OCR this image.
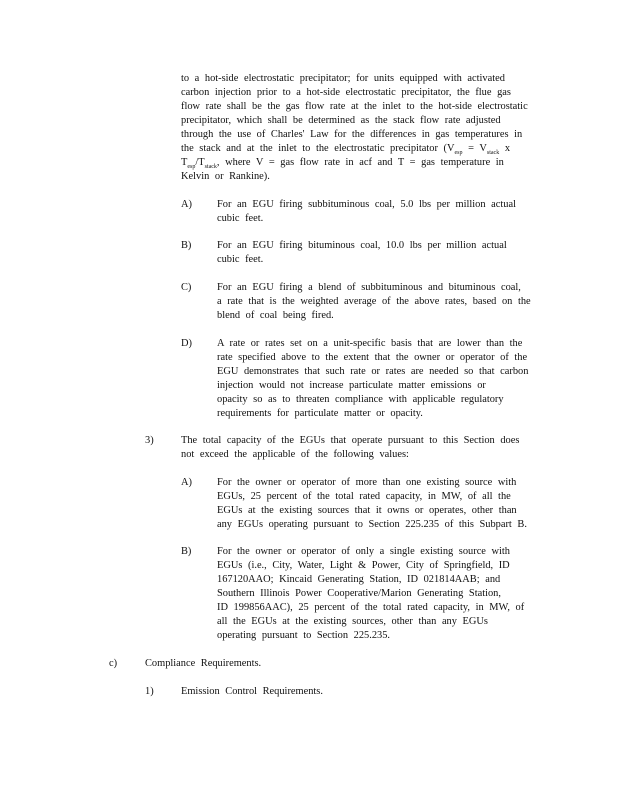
to a hot-side electrostatic precipitator; for units equipped with activated
carbon injection prior to a hot-side electrostatic precipitator, the flue gas
flow rate shall be the gas flow rate at the inlet to the hot-side electrostatic
precipitator, which shall be determined as the stack flow rate adjusted
through the use of Charles' Law for the differences in gas temperatures in
the stack and at the inlet to the electrostatic precipitator ($V_{esp} = V_{stack}$ x
$T_{esp}/T_{stack}$, where V = gas flow rate in acf and T = gas temperature in
Kelvin or Rankine).
A) For an EGU firing subbituminous coal, 5.0 lbs per million actual
cubic feet.
B) For an EGU firing bituminous coal, 10.0 lbs per million actual
cubic feet.
C) For an EGU firing a blend of subbituminous and bituminous coal,
a rate that is the weighted average of the above rates, based on the
blend of coal being fired.
D) A rate or rates set on a unit-specific basis that are lower than the
rate specified above to the extent that the owner or operator of the
EGU demonstrates that such rate or rates are needed so that carbon
injection would not increase particulate matter emissions or
opacity so as to threaten compliance with applicable regulatory
requirements for particulate matter or opacity.
3)	The total capacity of the EGUs that operate pursuant to this Section does
not exceed the applicable of the following values:
A) For the owner or operator of more than one existing source with
EGUs, 25 percent of the total rated capacity, in MW, of all the
EGUs at the existing sources that it owns or operates, other than
any EGUs operating pursuant to Section 225.235 of this Subpart B.
B) For the owner or operator of only a single existing source with
EGUs (i.e., City, Water, Light & Power, City of Springfield, ID
167120AAO; Kincaid Generating Station, ID 021814AAB; and
Southern Illinois Power Cooperative/Marion Generating Station,
ID 199856AAC), 25 percent of the total rated capacity, in MW, of
all the EGUs at the existing sources, other than any EGUs
operating pursuant to Section 225.235.
c)	Compliance Requirements.
1)	Emission Control Requirements.
